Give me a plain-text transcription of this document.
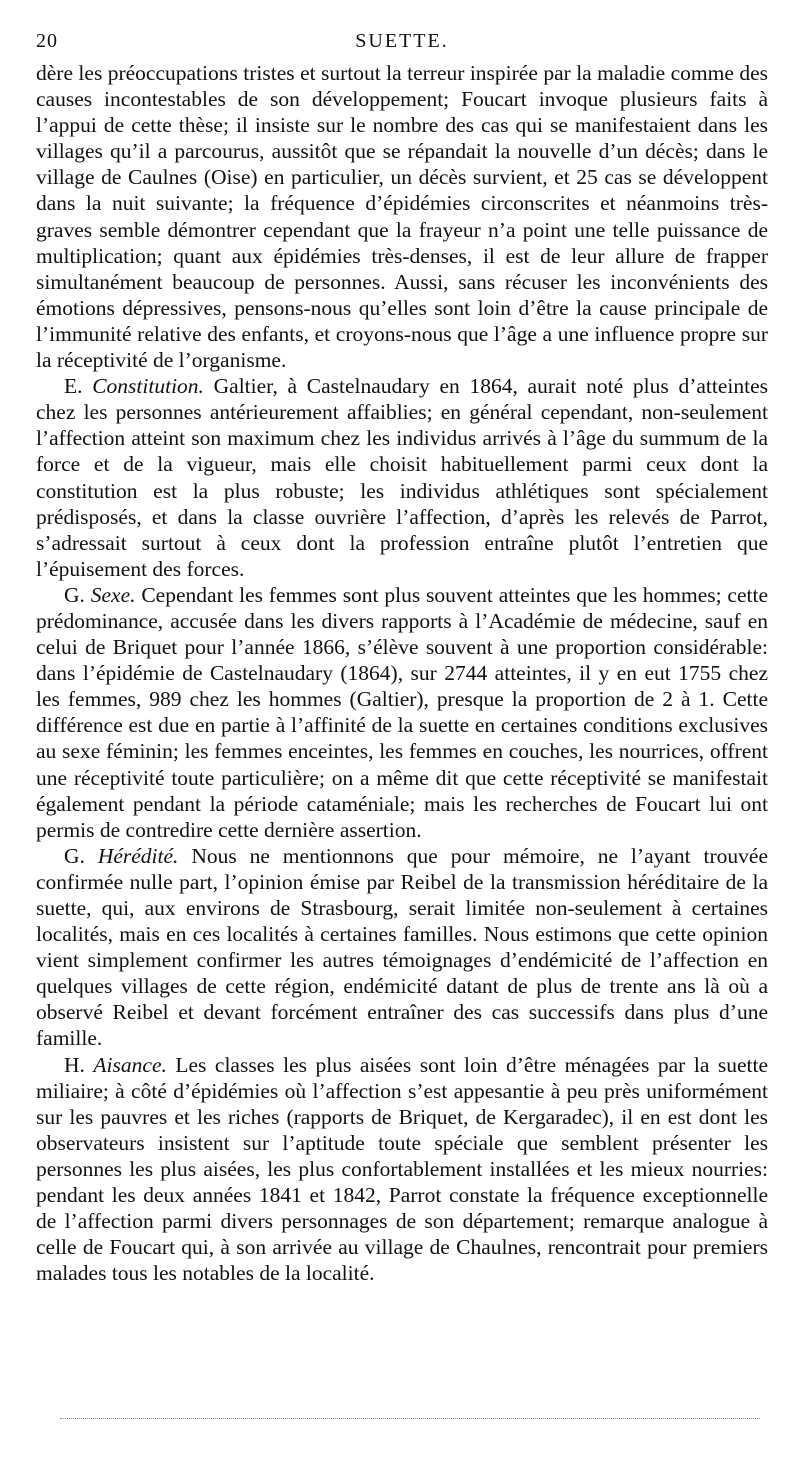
20	SUETTE.

dère les préoccupations tristes et surtout la terreur inspirée par la maladie comme des causes incontestables de son développement; Foucart invoque plusieurs faits à l’appui de cette thèse; il insiste sur le nombre des cas qui se manifestaient dans les villages qu’il a parcourus, aussitôt que se répandait la nouvelle d’un décès; dans le village de Caulnes (Oise) en particulier, un décès survient, et 25 cas se développent dans la nuit suivante; la fréquence d’épidémies circonscrites et néanmoins très-graves semble démontrer cependant que la frayeur n’a point une telle puissance de multiplication; quant aux épidémies très-denses, il est de leur allure de frapper simultanément beaucoup de personnes. Aussi, sans récuser les inconvénients des émotions dépressives, pensons-nous qu’elles sont loin d’être la cause principale de l’immunité relative des enfants, et croyons-nous que l’âge a une influence propre sur la réceptivité de l’organisme.

E. Constitution. Galtier, à Castelnaudary en 1864, aurait noté plus d’atteintes chez les personnes antérieurement affaiblies; en général cependant, non-seulement l’affection atteint son maximum chez les individus arrivés à l’âge du summum de la force et de la vigueur, mais elle choisit habituellement parmi ceux dont la constitution est la plus robuste; les individus athlétiques sont spécialement prédisposés, et dans la classe ouvrière l’affection, d’après les relevés de Parrot, s’adressait surtout à ceux dont la profession entraîne plutôt l’entretien que l’épuisement des forces.

G. Sexe. Cependant les femmes sont plus souvent atteintes que les hommes; cette prédominance, accusée dans les divers rapports à l’Académie de médecine, sauf en celui de Briquet pour l’année 1866, s’élève souvent à une proportion considérable: dans l’épidémie de Castelnaudary (1864), sur 2744 atteintes, il y en eut 1755 chez les femmes, 989 chez les hommes (Galtier), presque la proportion de 2 à 1. Cette différence est due en partie à l’affinité de la suette en certaines conditions exclusives au sexe féminin; les femmes enceintes, les femmes en couches, les nourrices, offrent une réceptivité toute particulière; on a même dit que cette réceptivité se manifestait également pendant la période cataméniale; mais les recherches de Foucart lui ont permis de contredire cette dernière assertion.

G. Hérédité. Nous ne mentionnons que pour mémoire, ne l’ayant trouvée confirmée nulle part, l’opinion émise par Reibel de la transmission héréditaire de la suette, qui, aux environs de Strasbourg, serait limitée non-seulement à certaines localités, mais en ces localités à certaines familles. Nous estimons que cette opinion vient simplement confirmer les autres témoignages d’endémicité de l’affection en quelques villages de cette région, endémicité datant de plus de trente ans là où a observé Reibel et devant forcément entraîner des cas successifs dans plus d’une famille.

H. Aisance. Les classes les plus aisées sont loin d’être ménagées par la suette miliaire; à côté d’épidémies où l’affection s’est appesantie à peu près uniformément sur les pauvres et les riches (rapports de Briquet, de Kergaradec), il en est dont les observateurs insistent sur l’aptitude toute spéciale que semblent présenter les personnes les plus aisées, les plus confortablement installées et les mieux nourries: pendant les deux années 1841 et 1842, Parrot constate la fréquence exceptionnelle de l’affection parmi divers personnages de son département; remarque analogue à celle de Foucart qui, à son arrivée au village de Chaulnes, rencontrait pour premiers malades tous les notables de la localité.
